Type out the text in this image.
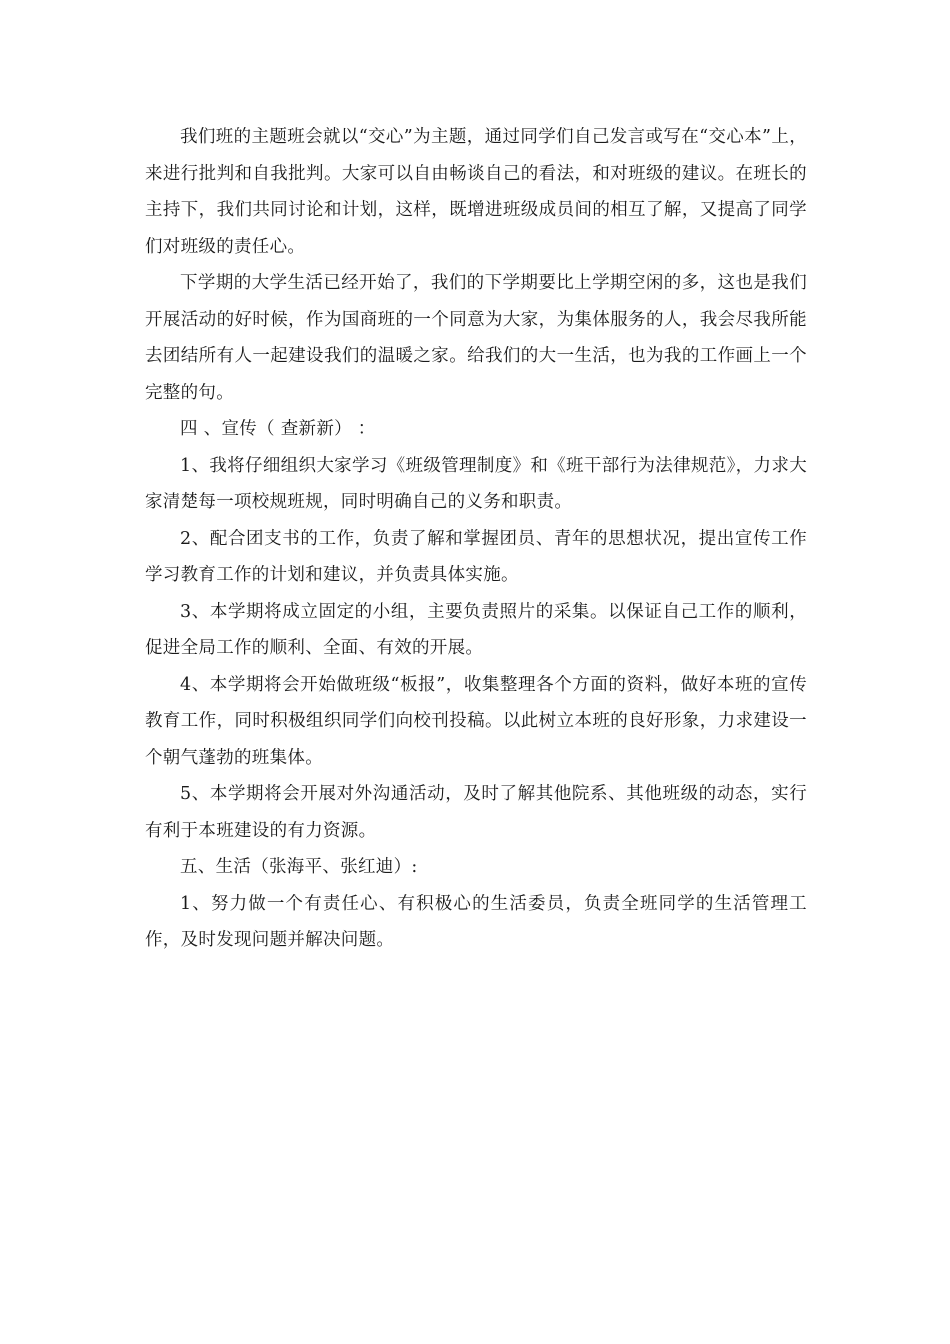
我们班的主题班会就以“交心”为主题，通过同学们自己发言或写在“交心本”上，来进行批判和自我批判。大家可以自由畅谈自己的看法，和对班级的建议。在班长的主持下，我们共同讨论和计划，这样，既增进班级成员间的相互了解，又提高了同学们对班级的责任心。

下学期的大学生活已经开始了，我们的下学期要比上学期空闲的多，这也是我们开展活动的好时候，作为国商班的一个同意为大家，为集体服务的人，我会尽我所能去团结所有人一起建设我们的温暖之家。给我们的大一生活，也为我的工作画上一个完整的句。

四 、宣传（ 查新新） ：

1、我将仔细组织大家学习《班级管理制度》和《班干部行为法律规范》，力求大家清楚每一项校规班规，同时明确自己的义务和职责。

2、配合团支书的工作，负责了解和掌握团员、青年的思想状况，提出宣传工作学习教育工作的计划和建议，并负责具体实施。

3、本学期将成立固定的小组，主要负责照片的采集。以保证自己工作的顺利，促进全局工作的顺利、全面、有效的开展。

4、本学期将会开始做班级“板报”，收集整理各个方面的资料，做好本班的宣传教育工作，同时积极组织同学们向校刊投稿。以此树立本班的良好形象，力求建设一个朝气蓬勃的班集体。

5、本学期将会开展对外沟通活动，及时了解其他院系、其他班级的动态，实行有利于本班建设的有力资源。

五、生活（张海平、张红迪）:

1、努力做一个有责任心、有积极心的生活委员，负责全班同学的生活管理工作，及时发现问题并解决问题。
